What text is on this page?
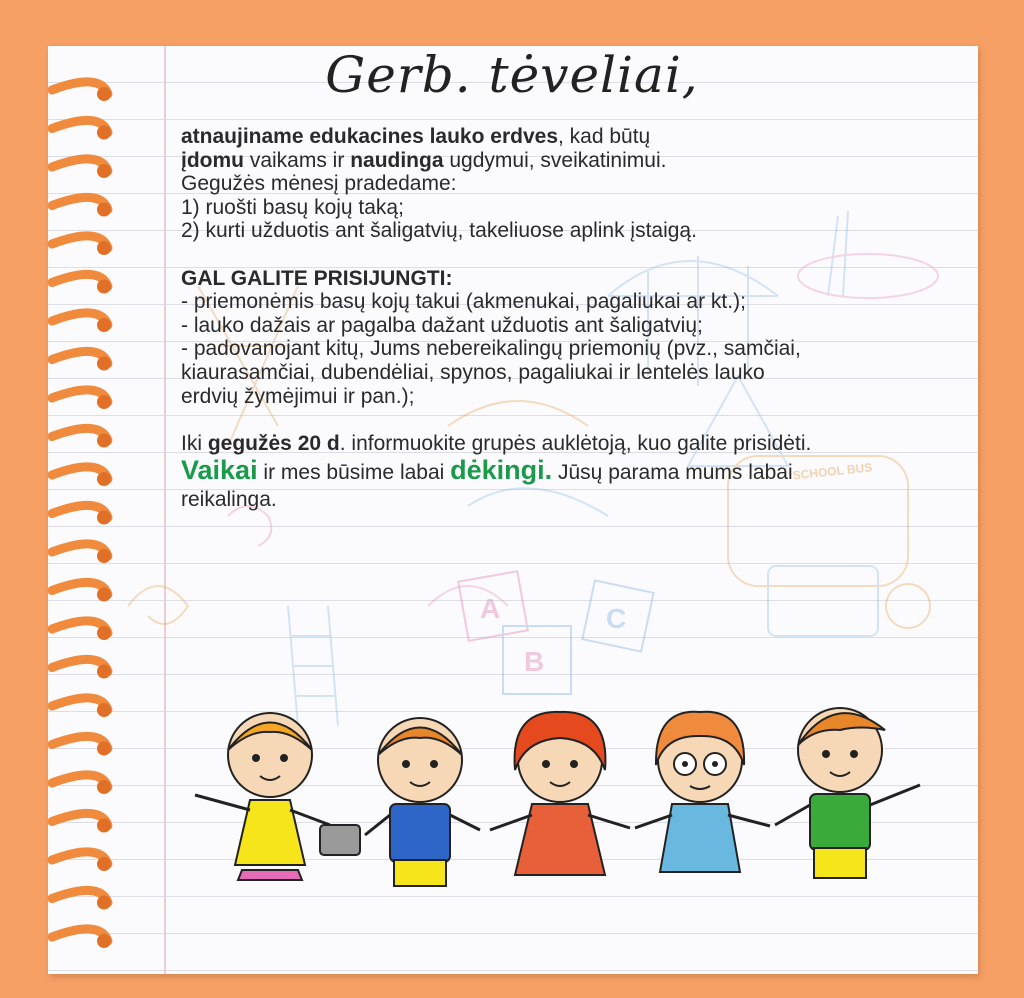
A	C
B
SCHOOL BUS
Gerb. tėveliai,

atnaujiname edukacines lauko erdves, kad būtų

įdomu vaikams ir naudinga ugdymui, sveikatinimui.

Gegužės mėnesį pradedame:

1) ruošti basų kojų taką;

2) kurti užduotis ant šaligatvių, takeliuose aplink įstaigą.

GAL GALITE PRISIJUNGTI:

- priemonėmis basų kojų takui (akmenukai, pagaliukai ar kt.);

- lauko dažais ar pagalba dažant užduotis ant šaligatvių;

- padovanojant kitų, Jums nebereikalingų priemonių (pvz., samčiai,

kiaurasamčiai, dubendėliai, spynos, pagaliukai ir lentelės lauko

erdvių žymėjimui ir pan.);

Iki gegužės 20 d. informuokite grupės auklėtoją, kuo galite prisidėti.

Vaikai ir mes būsime labai dėkingi. Jūsų parama mums labai

reikalinga.
